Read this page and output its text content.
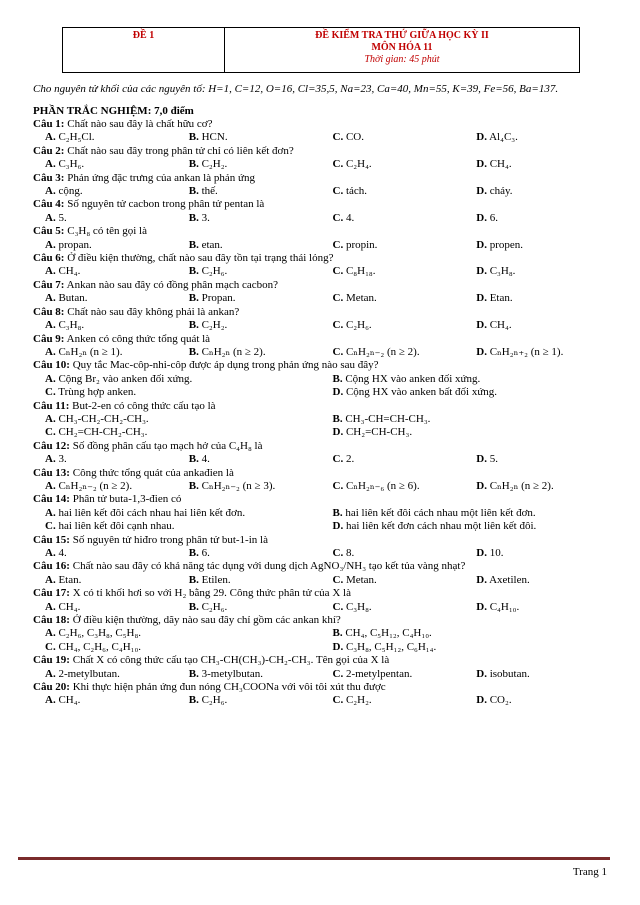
ĐỀ 1	ĐỀ KIỂM TRA THỨ GIỮA HỌC KỲ II
MÔN HÓA 11
Thời gian: 45 phút
Cho nguyên tử khối của các nguyên tố: H=1, C=12, O=16, Cl=35,5, Na=23, Ca=40, Mn=55, K=39, Fe=56, Ba=137.
PHẦN TRẮC NGHIỆM: 7,0 điểm
Câu 1: Chất nào sau đây là chất hữu cơ?
A. C₂H₅Cl.	B. HCN.	C. CO.	D. Al₄C₃.
Câu 2: Chất nào sau đây trong phân tử chỉ có liên kết đơn?
A. C₃H₆.	B. C₂H₂.	C. C₂H₄.	D. CH₄.
Câu 3: Phản ứng đặc trưng của ankan là phản ứng
A. cộng.	B. thế.	C. tách.	D. cháy.
Câu 4: Số nguyên tử cacbon trong phân tử pentan là
A. 5.	B. 3.	C. 4.	D. 6.
Câu 5: C₃H₈ có tên gọi là
A. propan.	B. etan.	C. propin.	D. propen.
Câu 6: Ở điều kiện thường, chất nào sau đây tồn tại trạng thái lỏng?
A. CH₄.	B. C₂H₆.	C. C₈H₁₈.	D. C₃H₈.
Câu 7: Ankan nào sau đây có đồng phân mạch cacbon?
A. Butan.	B. Propan.	C. Metan.	D. Etan.
Câu 8: Chất nào sau đây không phải là ankan?
A. C₃H₈.	B. C₂H₂.	C. C₂H₆.	D. CH₄.
Câu 9: Anken có công thức tổng quát là
A. CₙH₂ₙ (n ≥ 1).	B. CₙH₂ₙ (n ≥ 2).	C. CₙH₂ₙ₋₂ (n ≥ 2).	D. CₙH₂ₙ₊₂ (n ≥ 1).
Câu 10: Quy tắc Mac-côp-nhi-côp được áp dụng trong phản ứng nào sau đây?
A. Cộng Br₂ vào anken đối xứng.	B. Cộng HX vào anken đối xứng.
C. Trùng hợp anken.	D. Cộng HX vào anken bất đối xứng.
Câu 11: But-2-en có công thức cấu tạo là
A. CH₃-CH₂-CH₂-CH₃.	B. CH₃-CH=CH-CH₃.
C. CH₂=CH-CH₂-CH₃.	D. CH₂=CH-CH₃.
Câu 12: Số đồng phân cấu tạo mạch hở của C₄H₈ là
A. 3.	B. 4.	C. 2.	D. 5.
Câu 13: Công thức tổng quát của ankađien là
A. CₙH₂ₙ₋₂ (n ≥ 2).	B. CₙH₂ₙ₋₂ (n ≥ 3).	C. CₙH₂ₙ₋₆ (n ≥ 6).	D. CₙH₂ₙ (n ≥ 2).
Câu 14: Phân tử buta-1,3-đien có
A. hai liên kết đôi cách nhau hai liên kết đơn.	B. hai liên kết đôi cách nhau một liên kết đơn.
C. hai liên kết đôi cạnh nhau.	D. hai liên kết đơn cách nhau một liên kết đôi.
Câu 15: Số nguyên tử hiđro trong phân tử but-1-in là
A. 4.	B. 6.	C. 8.	D. 10.
Câu 16: Chất nào sau đây có khả năng tác dụng với dung dịch AgNO₃/NH₃ tạo kết tủa vàng nhạt?
A. Etan.	B. Etilen.	C. Metan.	D. Axetilen.
Câu 17: X có tỉ khối hơi so với H₂ bằng 29. Công thức phân tử của X là
A. CH₄.	B. C₂H₆.	C. C₃H₈.	D. C₄H₁₀.
Câu 18: Ở điều kiện thường, dãy nào sau đây chỉ gồm các ankan khí?
A. C₂H₆, C₃H₈, C₅H₈.	B. CH₄, C₅H₁₂, C₄H₁₀.
C. CH₄, C₂H₆, C₄H₁₀.	D. C₃H₈, C₅H₁₂, C₆H₁₄.
Câu 19: Chất X có công thức cấu tạo CH₃-CH(CH₃)-CH₂-CH₃. Tên gọi của X là
A. 2-metylbutan.	B. 3-metylbutan.	C. 2-metylpentan.	D. isobutan.
Câu 20: Khi thực hiện phản ứng đun nóng CH₃COONa với vôi tôi xút thu được
A. CH₄.	B. C₂H₆.	C. C₂H₂.	D. CO₂.
Trang 1
